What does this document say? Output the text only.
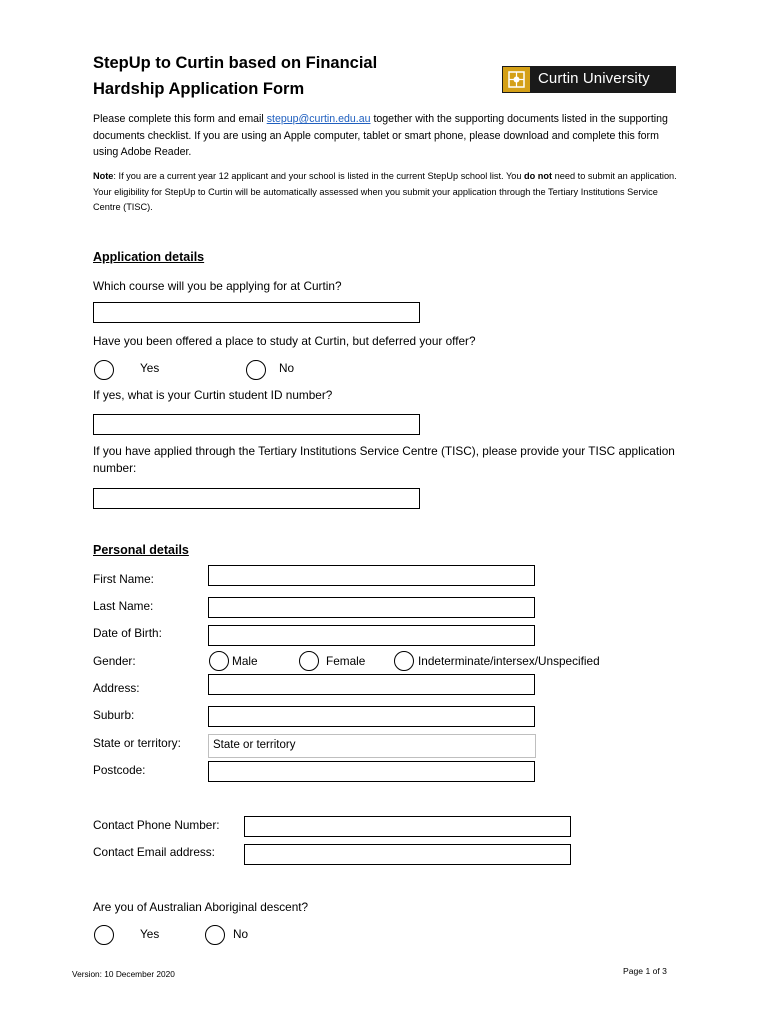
StepUp to Curtin based on Financial Hardship Application Form
Curtin University
Please complete this form and email stepup@curtin.edu.au together with the supporting documents listed in the supporting documents checklist. If you are using an Apple computer, tablet or smart phone, please download and complete this form using Adobe Reader.
Note: If you are a current year 12 applicant and your school is listed in the current StepUp school list. You do not need to submit an application. Your eligibility for StepUp to Curtin will be automatically assessed when you submit your application through the Tertiary Institutions Service Centre (TISC).
Application details
Which course will you be applying for at Curtin?
Have you been offered a place to study at Curtin, but deferred your offer?
Yes	No
If yes, what is your Curtin student ID number?
If you have applied through the Tertiary Institutions Service Centre (TISC), please provide your TISC application number:
Personal details
First Name:
Last Name:
Date of Birth:
Gender:	Male	Female	Indeterminate/intersex/Unspecified
Address:
Suburb:
State or territory:	State or territory
Postcode:
Contact Phone Number:
Contact Email address:
Are you of Australian Aboriginal descent?
Yes	No
Version: 10 December 2020	Page 1 of 3
